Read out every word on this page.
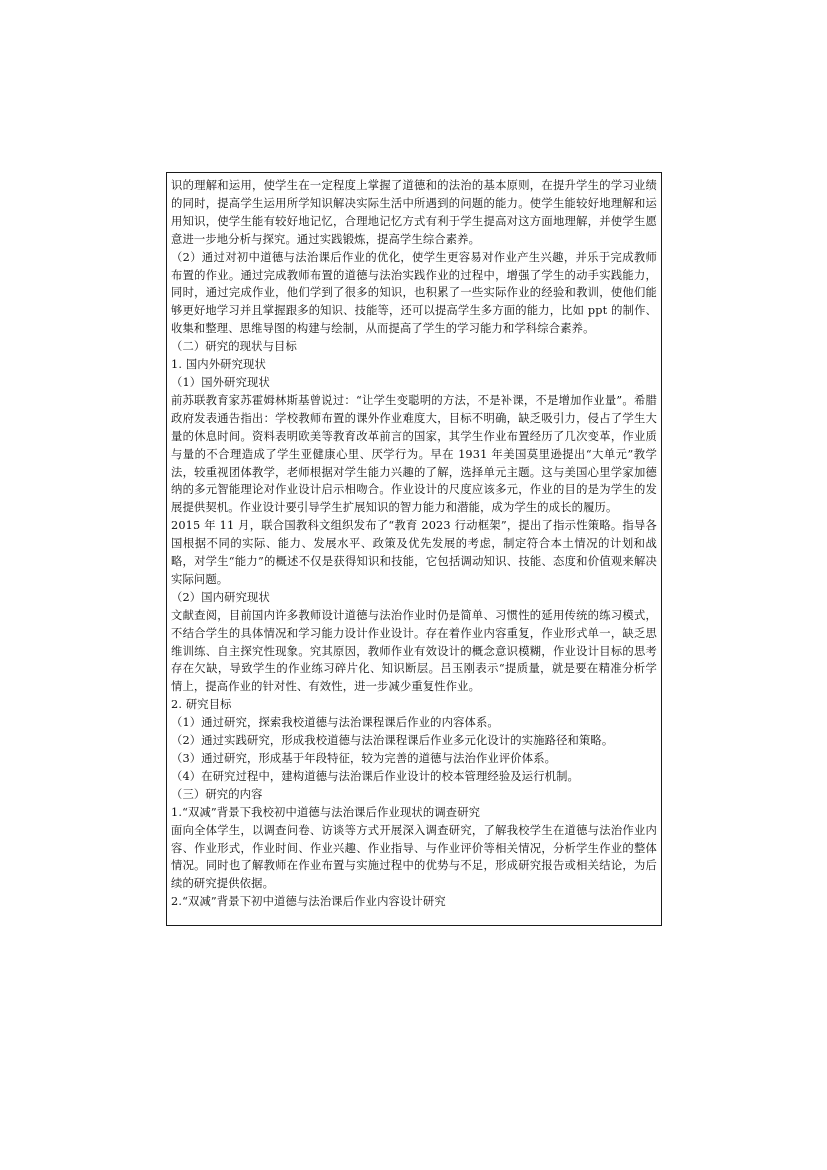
识的理解和运用，使学生在一定程度上掌握了道德和的法治的基本原则，在提升学生的学习业绩的同时，提高学生运用所学知识解决实际生活中所遇到的问题的能力。使学生能较好地理解和运用知识，使学生能有较好地记忆，合理地记忆方式有利于学生提高对这方面地理解，并使学生愿意进一步地分析与探究。通过实践锻炼，提高学生综合素养。

（2）通过对初中道德与法治课后作业的优化，使学生更容易对作业产生兴趣，并乐于完成教师布置的作业。通过完成教师布置的道德与法治实践作业的过程中，增强了学生的动手实践能力，同时，通过完成作业，他们学到了很多的知识，也积累了一些实际作业的经验和教训，使他们能够更好地学习并且掌握跟多的知识、技能等，还可以提高学生多方面的能力，比如 ppt 的制作、收集和整理、思维导图的构建与绘制，从而提高了学生的学习能力和学科综合素养。

（二）研究的现状与目标
1. 国内外研究现状
（1）国外研究现状

前苏联教育家苏霍姆林斯基曾说过：“让学生变聪明的方法，不是补课，不是增加作业量”。希腊政府发表通告指出：学校教师布置的课外作业难度大，目标不明确，缺乏吸引力，侵占了学生大量的休息时间。资料表明欧美等教育改革前言的国家，其学生作业布置经历了几次变革，作业质与量的不合理造成了学生亚健康心里、厌学行为。早在 1931 年美国莫里逊提出“大单元”教学法，较重视团体教学，老师根据对学生能力兴趣的了解，选择单元主题。这与美国心里学家加德纳的多元智能理论对作业设计启示相吻合。作业设计的尺度应该多元，作业的目的是为学生的发展提供契机。作业设计要引导学生扩展知识的智力能力和潜能，成为学生的成长的履历。

2015 年 11 月，联合国教科文组织发布了“教育 2023 行动框架”，提出了指示性策略。指导各国根据不同的实际、能力、发展水平、政策及优先发展的考虑，制定符合本土情况的计划和战略，对学生“能力”的概述不仅是获得知识和技能，它包括调动知识、技能、态度和价值观来解决实际问题。

（2）国内研究现状

文献查阅，目前国内许多教师设计道德与法治作业时仍是简单、习惯性的延用传统的练习模式，不结合学生的具体情况和学习能力设计作业设计。存在着作业内容重复，作业形式单一，缺乏思维训练、自主探究性现象。究其原因，教师作业有效设计的概念意识模糊，作业设计目标的思考存在欠缺，导致学生的作业练习碎片化、知识断层。吕玉刚表示“提质量，就是要在精准分析学情上，提高作业的针对性、有效性，进一步减少重复性作业。

2. 研究目标

（1）通过研究，探索我校道德与法治课程课后作业的内容体系。

（2）通过实践研究，形成我校道德与法治课程课后作业多元化设计的实施路径和策略。

（3）通过研究，形成基于年段特征，较为完善的道德与法治作业评价体系。

（4）在研究过程中，建构道德与法治课后作业设计的校本管理经验及运行机制。

（三）研究的内容
1.“双减”背景下我校初中道德与法治课后作业现状的调查研究

面向全体学生，以调查问卷、访谈等方式开展深入调查研究，了解我校学生在道德与法治作业内容、作业形式，作业时间、作业兴趣、作业指导、与作业评价等相关情况，分析学生作业的整体情况。同时也了解教师在作业布置与实施过程中的优势与不足，形成研究报告或相关结论，为后续的研究提供依据。

2.“双减”背景下初中道德与法治课后作业内容设计研究
